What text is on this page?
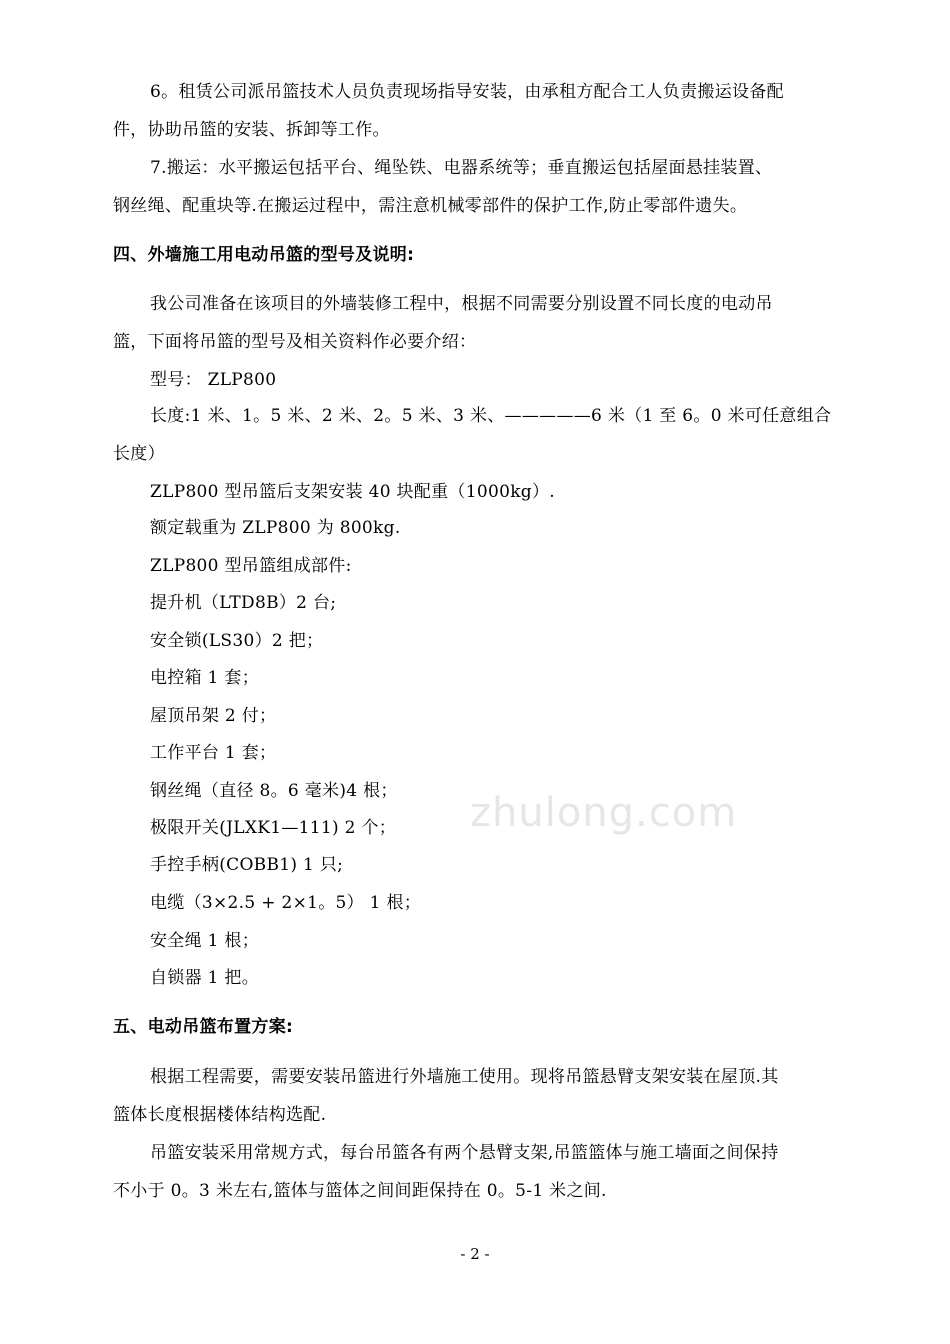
6。租赁公司派吊篮技术人员负责现场指导安装，由承租方配合工人负责搬运设备配
件，协助吊篮的安装、拆卸等工作。
7.搬运：水平搬运包括平台、绳坠铁、电器系统等；垂直搬运包括屋面悬挂装置、
钢丝绳、配重块等.在搬运过程中，需注意机械零部件的保护工作,防止零部件遗失。
四、外墙施工用电动吊篮的型号及说明:
我公司准备在该项目的外墙装修工程中，根据不同需要分别设置不同长度的电动吊
篮，下面将吊篮的型号及相关资料作必要介绍：
型号： ZLP800
长度:1 米、1。5 米、2 米、2。5 米、3 米、—————6 米（1 至 6。0 米可任意组合
长度）
ZLP800 型吊篮后支架安装 40 块配重（1000kg）.
额定载重为 ZLP800 为 800kg.
ZLP800 型吊篮组成部件:
提升机（LTD8B）2 台;
安全锁(LS30）2 把；
电控箱 1 套；
屋顶吊架 2 付；
工作平台 1 套；
钢丝绳（直径 8。6 毫米)4 根；
极限开关(JLXK1—111) 2 个；
手控手柄(COBB1) 1 只;
电缆（3×2.5 + 2×1。5） 1 根；
安全绳 1 根；
自锁器 1 把。
五、电动吊篮布置方案:
根据工程需要，需要安装吊篮进行外墙施工使用。现将吊篮悬臂支架安装在屋顶.其
篮体长度根据楼体结构选配.
吊篮安装采用常规方式，每台吊篮各有两个悬臂支架,吊篮篮体与施工墙面之间保持
不小于 0。3 米左右,篮体与篮体之间间距保持在 0。5-1 米之间.
zhulong.com
- 2 -
